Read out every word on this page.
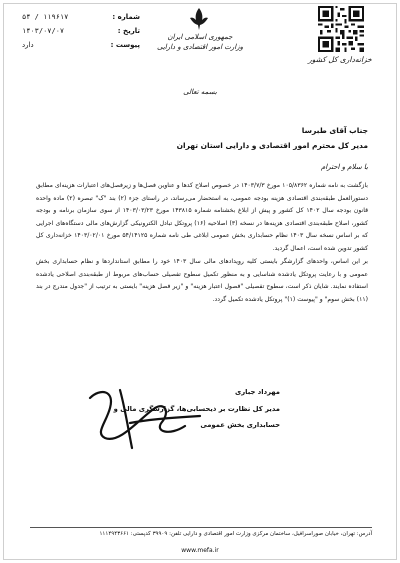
شماره :
۵۴ / ۱۱۹۶۱۷
تاریخ :
۱۴۰۳/۰۷/۰۷
پیوست :
دارد
جمهوری اسلامی ایران
وزارت امور اقتصادی و دارایی
بسمه تعالی
خزانه‌داری کل کشور
جناب آقای طبرسا
مدیر کل محترم امور اقتصادی و دارایی استان تهران
با سلام و احترام
بازگشت به نامه شماره ۱۰۵/۸۳۶۲ مورخ ۱۴۰۳/۷/۳ در خصوص اصلاح کدها و عناوین فصل‌ها و زیرفصل‌های اعتبارات هزینه‌ای مطابق دستورالعمل طبقه‌بندی اقتصادی هزینه بودجه عمومی، به استحضار می‌رساند، در راستای جزء (۲) بند "ک" تبصره (۲) ماده واحده قانون بودجه سال ۱۴۰۲ کل کشور و پیش از ابلاغ بخشنامه شماره ۱۴۳۸۱۵ مورخ ۱۴۰۳/۰۳/۲۳ از سوی سازمان برنامه و بودجه کشور، اصلاح طبقه‌بندی اقتصادی هزینه‌ها در نسخه (۳) اصلاحیه (۱۶) پروتکل تبادل الکترونیکی گزارش‌های مالی دستگاه‌های اجرایی که بر اساس نسخه سال ۱۴۰۳ نظام حسابداری بخش عمومی ابلاغی طی نامه شماره ۵۴/۱۴۱۲۵ مورخ ۱۴۰۳/۰۲/۰۱ خزانه‌داری کل کشور تدوین شده است، اعمال گردید.
بر این اساس، واحدهای گزارشگر بایستی کلیه رویدادهای مالی سال ۱۴۰۳ خود را مطابق استانداردها و نظام حسابداری بخش عمومی و با رعایت پروتکل یادشده شناسایی و به منظور تکمیل سطوح تفصیلی حساب‌های مربوط از طبقه‌بندی اصلاحی یادشده استفاده نمایند. شایان ذکر است، سطوح تفصیلی "فصول اعتبار هزینه" و "زیر فصل هزینه" بایستی به ترتیب از "جدول مندرج در بند (۱۱) بخش سوم" و "پیوست (۱)" پروتکل یادشده تکمیل گردد.
مهرداد جباری
مدیر کل نظارت بر ذیحسابی‌ها، گزارشگری مالی و
حسابداری بخش عمومی
آدرس: تهران، خیابان صوراسرافیل، ساختمان مرکزی وزارت امور اقتصادی و دارایی تلفن: ۳۹۹۰۹ کدپستی: ۱۱۱۴۹۴۳۶۶۱
www.mefa.ir
